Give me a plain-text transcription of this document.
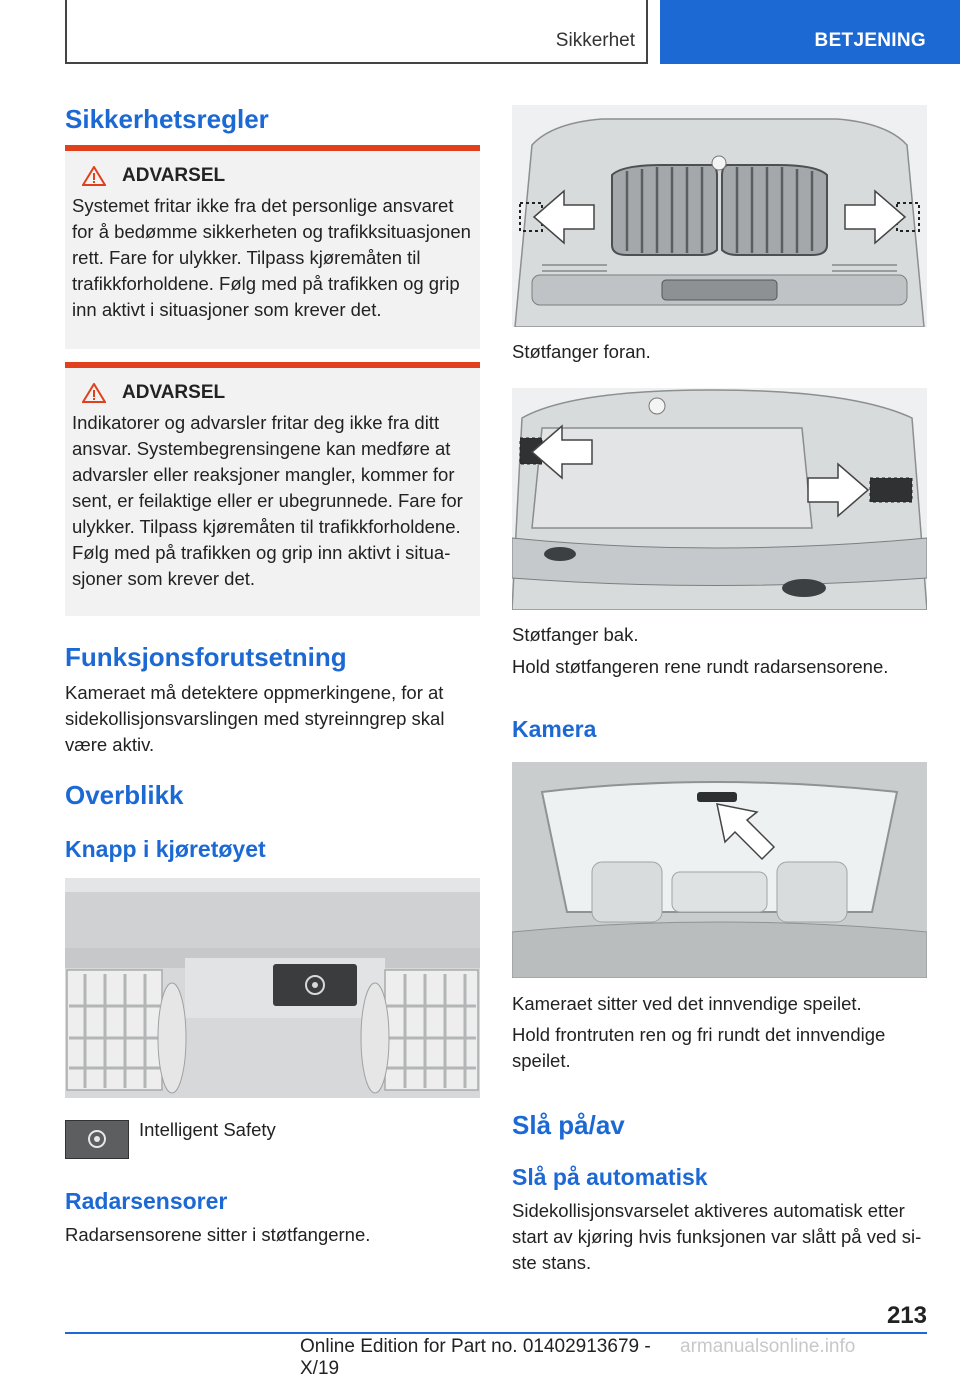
Sikkerhet	BETJENING
Sikkerhetsregler
ADVARSEL

Systemet fritar ikke fra det personlige ansvaret for å bedømme sikkerheten og trafikksituasjonen rett. Fare for ulykker. Tilpass kjøremåten til trafikkforholdene. Følg med på trafikken og grip inn aktivt i situasjoner som krever det.

ADVARSEL

Indikatorer og advarsler fritar deg ikke fra ditt ansvar. Systembegrensingene kan medføre at advarsler eller reaksjoner mangler, kommer for sent, er feilaktige eller er ubegrunnede. Fare for ulykker. Tilpass kjøremåten til trafikkforholdene. Følg med på trafikken og grip inn aktivt i situasjoner som krever det.

Funksjonsforutsetning

Kameraet må detektere oppmerkingene, for at sidekollisjonsvarslingen med styreinngrep skal være aktiv.

Overblikk
Knapp i kjøretøyet
Intelligent Safety
Radarsensorer

Radarsensorene sitter i støtfangerne.

Støtfanger foran.
Støtfanger bak.

Hold støtfangeren rene rundt radarsensorene.

Kamera
Kameraet sitter ved det innvendige speilet.

Hold frontruten ren og fri rundt det innvendige speilet.

Slå på/av
Slå på automatisk

Sidekollisjonsvarselet aktiveres automatisk etter start av kjøring hvis funksjonen var slått på ved siste stans.

213
Online Edition for Part no. 01402913679 - X/19
armanualsonline.info
